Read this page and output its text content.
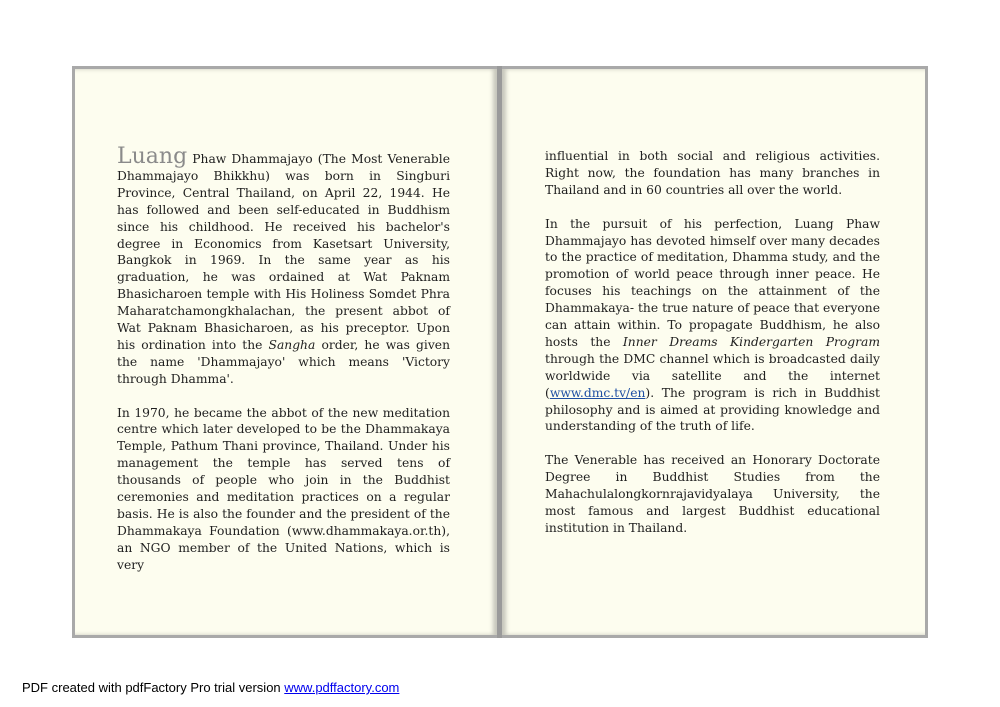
Luang Phaw Dhammajayo (The Most Venerable Dhammajayo Bhikkhu) was born in Singburi Province, Central Thailand, on April 22, 1944. He has followed and been self-educated in Buddhism since his childhood. He received his bachelor's degree in Economics from Kasetsart University, Bangkok in 1969. In the same year as his graduation, he was ordained at Wat Paknam Bhasicharoen temple with His Holiness Somdet Phra Maharatchamongkhalachan, the present abbot of Wat Paknam Bhasicharoen, as his preceptor. Upon his ordination into the Sangha order, he was given the name 'Dhammajayo' which means 'Victory through Dhamma'.

In 1970, he became the abbot of the new meditation centre which later developed to be the Dhammakaya Temple, Pathum Thani province, Thailand. Under his management the temple has served tens of thousands of people who join in the Buddhist ceremonies and meditation practices on a regular basis. He is also the founder and the president of the Dhammakaya Foundation (www.dhammakaya.or.th), an NGO member of the United Nations, which is very

influential in both social and religious activities. Right now, the foundation has many branches in Thailand and in 60 countries all over the world.

In the pursuit of his perfection, Luang Phaw Dhammajayo has devoted himself over many decades to the practice of meditation, Dhamma study, and the promotion of world peace through inner peace. He focuses his teachings on the attainment of the Dhammakaya- the true nature of peace that everyone can attain within. To propagate Buddhism, he also hosts the Inner Dreams Kindergarten Program through the DMC channel which is broadcasted daily worldwide via satellite and the internet (www.dmc.tv/en). The program is rich in Buddhist philosophy and is aimed at providing knowledge and understanding of the truth of life.

The Venerable has received an Honorary Doctorate Degree in Buddhist Studies from the Mahachulalongkornrajavidyalaya University, the most famous and largest Buddhist educational institution in Thailand.

PDF created with pdfFactory Pro trial version www.pdffactory.com
